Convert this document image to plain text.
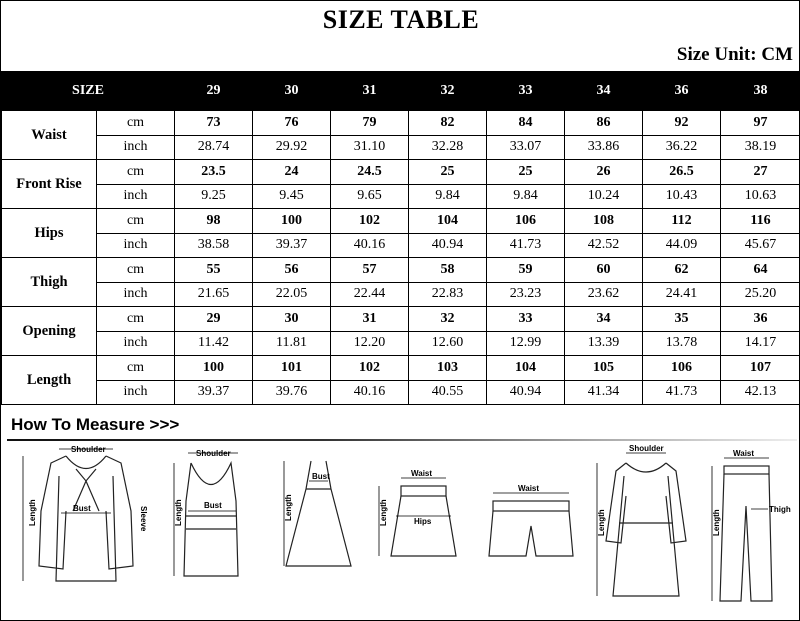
SIZE TABLE
Size Unit: CM
SIZE		29	30	31	32	33	34	36	38
Waist	cm	73	76	79	82	84	86	92	97
	inch	28.74	29.92	31.10	32.28	33.07	33.86	36.22	38.19
Front Rise	cm	23.5	24	24.5	25	25	26	26.5	27
	inch	9.25	9.45	9.65	9.84	9.84	10.24	10.43	10.63
Hips	cm	98	100	102	104	106	108	112	116
	inch	38.58	39.37	40.16	40.94	41.73	42.52	44.09	45.67
Thigh	cm	55	56	57	58	59	60	62	64
	inch	21.65	22.05	22.44	22.83	23.23	23.62	24.41	25.20
Opening	cm	29	30	31	32	33	34	35	36
	inch	11.42	11.81	12.20	12.60	12.99	13.39	13.78	14.17
Length	cm	100	101	102	103	104	105	106	107
	inch	39.37	39.76	40.16	40.55	40.94	41.34	41.73	42.13
How To Measure >>>
Shoulder
Bust
Length	Sleeve
Shoulder
Bust
Length
Bust
Length
Waist
Hips
Length
Waist
Shoulder
Length
Waist
Thigh
Length
